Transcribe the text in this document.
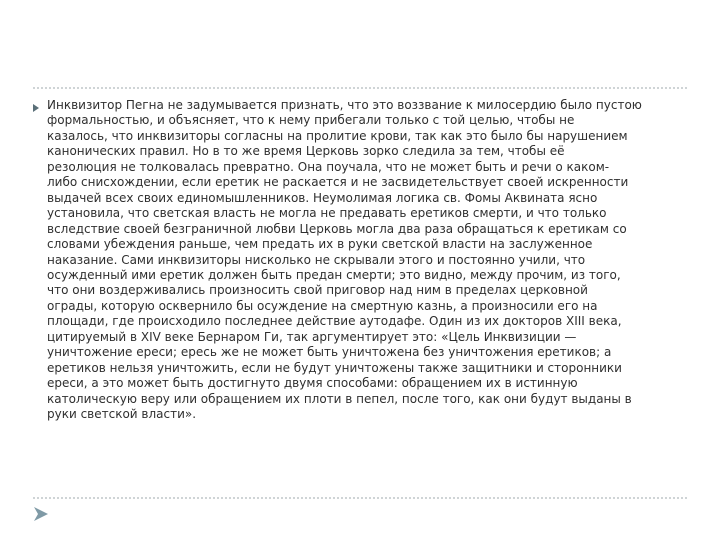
Инквизитор Пегна не задумывается признать, что это воззвание к милосердию было пустою
формальностью, и объясняет, что к нему прибегали только с той целью, чтобы не
казалось, что инквизиторы согласны на пролитие крови, так как это было бы нарушением
канонических правил. Но в то же время Церковь зорко следила за тем, чтобы её
резолюция не толковалась превратно. Она поучала, что не может быть и речи о каком-
либо снисхождении, если еретик не раскается и не засвидетельствует своей искренности
выдачей всех своих единомышленников. Неумолимая логика св. Фомы Аквината ясно
установила, что светская власть не могла не предавать еретиков смерти, и что только
вследствие своей безграничной любви Церковь могла два раза обращаться к еретикам со
словами убеждения раньше, чем предать их в руки светской власти на заслуженное
наказание. Сами инквизиторы нисколько не скрывали этого и постоянно учили, что
осужденный ими еретик должен быть предан смерти; это видно, между прочим, из того,
что они воздерживались произносить свой приговор над ним в пределах церковной
ограды, которую осквернило бы осуждение на смертную казнь, а произносили его на
площади, где происходило последнее действие аутодафе. Один из их докторов XIII века,
цитируемый в XIV веке Бернаром Ги, так аргументирует это: «Цель Инквизиции —
уничтожение ереси; ересь же не может быть уничтожена без уничтожения еретиков; а
еретиков нельзя уничтожить, если не будут уничтожены также защитники и сторонники
ереси, а это может быть достигнуто двумя способами: обращением их в истинную
католическую веру или обращением их плоти в пепел, после того, как они будут выданы в
руки светской власти».
